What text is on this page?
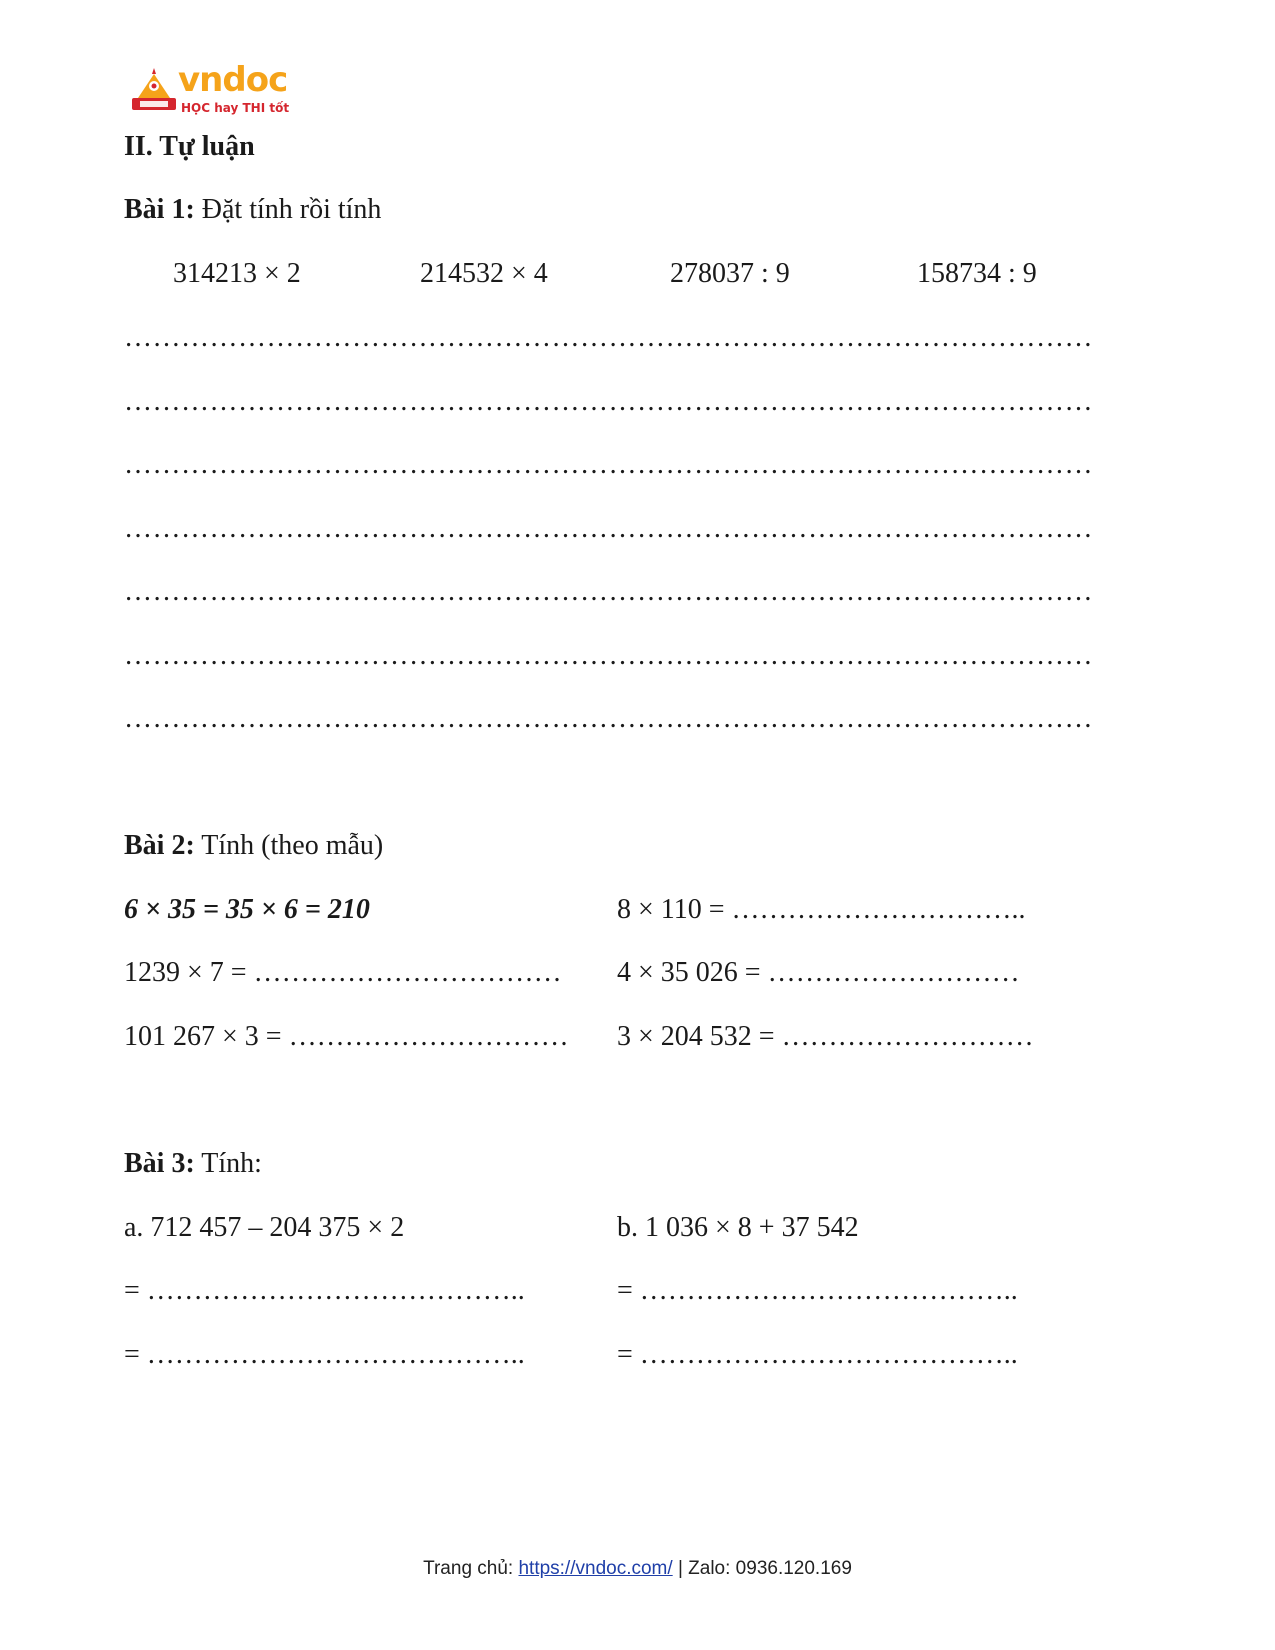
vndoc
HỌC hay THI tốt
II. Tự luận
Bài 1: Đặt tính rồi tính
314213 × 2	214532 × 4	278037 : 9	158734 : 9
…………………………………………………………………………………………
…………………………………………………………………………………………
…………………………………………………………………………………………
…………………………………………………………………………………………
…………………………………………………………………………………………
…………………………………………………………………………………………
…………………………………………………………………………………………
Bài 2: Tính (theo mẫu)
6 × 35 = 35 × 6 = 210	8 × 110 = …………………………..
1239 × 7 = …………………………… 4 × 35 026 = ………………………
101 267 × 3 = ………………………… 3 × 204 532 = ………………………
Bài 3: Tính:
a. 712 457 – 204 375 × 2	b. 1 036 × 8 + 37 542
= …………………………………..	= …………………………………..
= …………………………………..	= …………………………………..
Trang chủ: https://vndoc.com/ | Zalo: 0936.120.169
